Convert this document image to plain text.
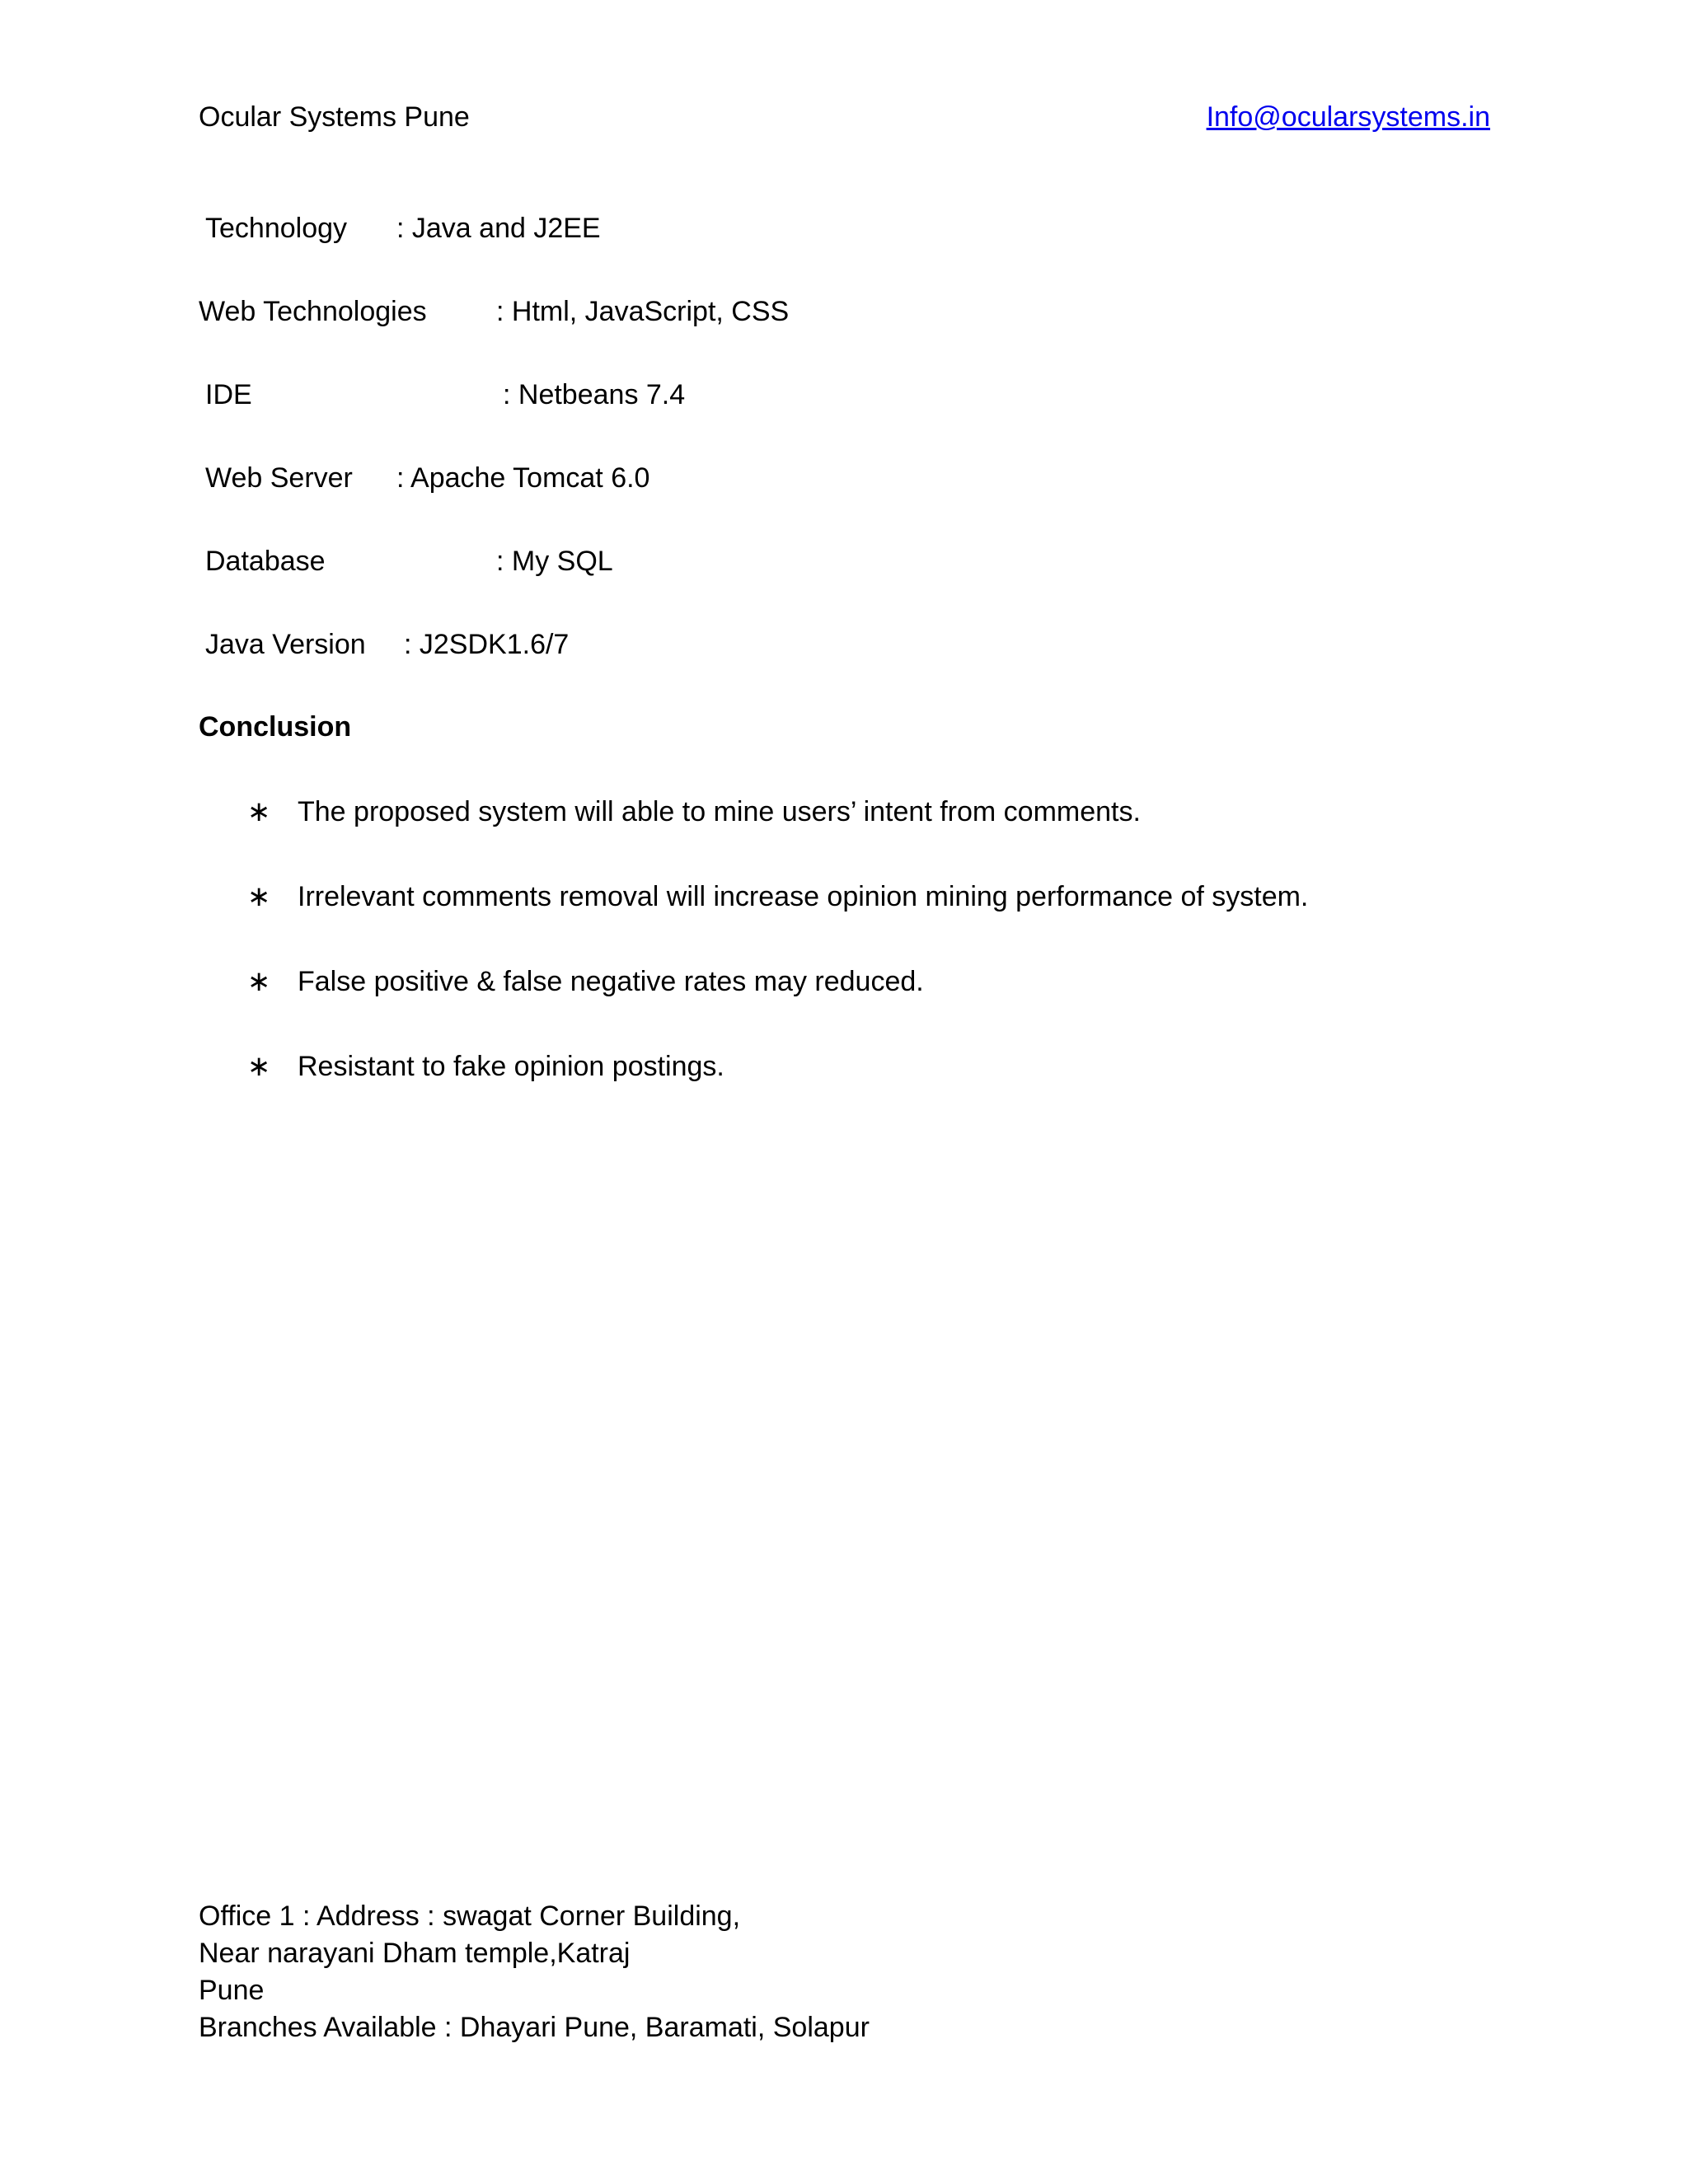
Ocular Systems Pune	Info@ocularsystems.in
Technology : Java and J2EE
Web Technologies : Html, JavaScript, CSS
IDE	: Netbeans 7.4
Web Server : Apache Tomcat 6.0
Database	: My SQL
Java Version : J2SDK1.6/7
Conclusion
∗ The proposed system will able to mine users’ intent from comments.
∗ Irrelevant comments removal will increase opinion mining performance of system.
∗ False positive & false negative rates may reduced.
∗ Resistant to fake opinion postings.
Office 1 : Address : swagat Corner Building,
Near narayani Dham temple,Katraj
Pune
Branches Available : Dhayari Pune, Baramati, Solapur
